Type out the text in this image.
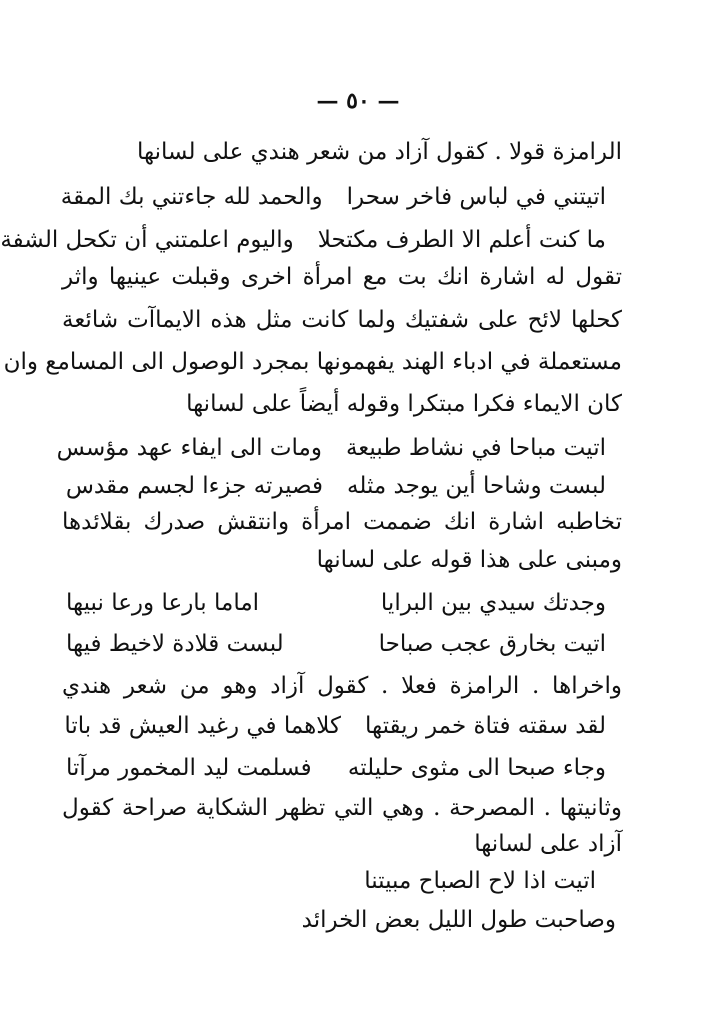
— ٥٠ —
الرامزة قولا . كقول آزاد من شعر هندي على لسانها
اتيتني في لباس فاخر سحرا
والحمد لله جاءتني بك المقة
ما كنت أعلم الا الطرف مكتحلا
واليوم اعلمتني أن تكحل الشفة
تقول له اشارة انك بت مع امرأة اخرى وقبلت عينيها واثر
كحلها لائح على شفتيك ولما كانت مثل هذه الايماآت شائعة
مستعملة في ادباء الهند يفهمونها بمجرد الوصول الى المسامع وان
كان الايماء فكرا مبتكرا وقوله أيضاً على لسانها
اتيت مباحا في نشاط طبيعة
ومات الى ايفاء عهد مؤسس
لبست وشاحا أين يوجد مثله
فصيرته جزءا لجسم مقدس
تخاطبه اشارة انك ضممت امرأة وانتقش صدرك بقلائدها
ومبنى على هذا قوله على لسانها
وجدتك سيدي بين البرايا
اماما بارعا ورعا نبيها
اتيت بخارق عجب صباحا
لبست قلادة لاخيط فيها
واخراها . الرامزة فعلا . كقول آزاد وهو من شعر هندي
لقد سقته فتاة خمر ريقتها
كلاهما في رغيد العيش قد باتا
وجاء صبحا الى مثوى حليلته
فسلمت ليد المخمور مرآتا
وثانيتها . المصرحة . وهي التي تظهر الشكاية صراحة كقول
آزاد على لسانها
اتيت اذا لاح الصباح مبيتنا
وصاحبت طول الليل بعض الخرائد
